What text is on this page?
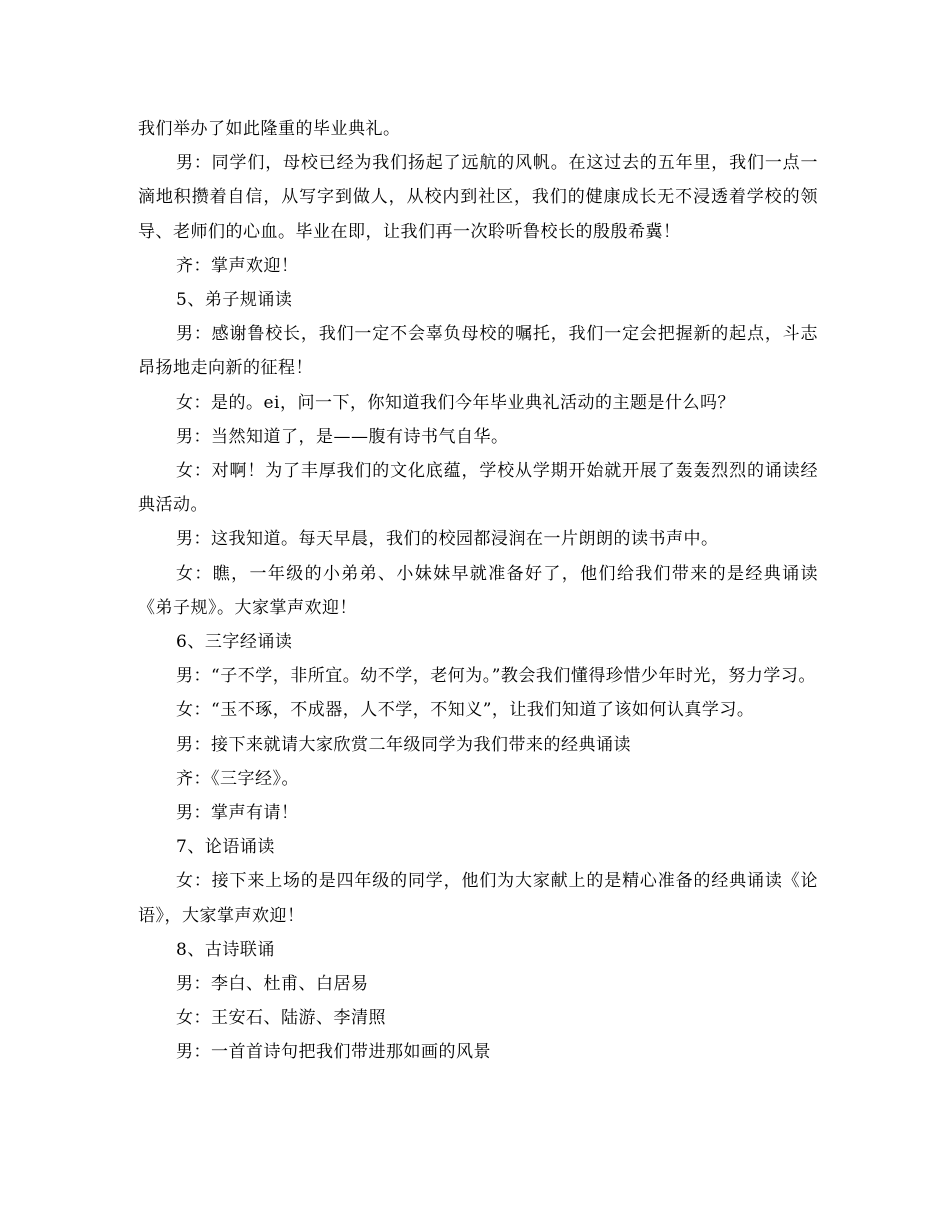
我们举办了如此隆重的毕业典礼。

男：同学们，母校已经为我们扬起了远航的风帆。在这过去的五年里，我们一点一滴地积攒着自信，从写字到做人，从校内到社区，我们的健康成长无不浸透着学校的领导、老师们的心血。毕业在即，让我们再一次聆听鲁校长的殷殷希冀！

齐：掌声欢迎！

5、弟子规诵读

男：感谢鲁校长，我们一定不会辜负母校的嘱托，我们一定会把握新的起点，斗志昂扬地走向新的征程！

女：是的。ei，问一下，你知道我们今年毕业典礼活动的主题是什么吗？

男：当然知道了，是——腹有诗书气自华。

女：对啊！为了丰厚我们的文化底蕴，学校从学期开始就开展了轰轰烈烈的诵读经典活动。

男：这我知道。每天早晨，我们的校园都浸润在一片朗朗的读书声中。

女：瞧，一年级的小弟弟、小妹妹早就准备好了，他们给我们带来的是经典诵读《弟子规》。大家掌声欢迎！

6、三字经诵读

男：“子不学，非所宜。幼不学，老何为。”教会我们懂得珍惜少年时光，努力学习。

女：“玉不琢，不成器，人不学，不知义”，让我们知道了该如何认真学习。

男：接下来就请大家欣赏二年级同学为我们带来的经典诵读

齐：《三字经》。

男：掌声有请！

7、论语诵读

女：接下来上场的是四年级的同学，他们为大家献上的是精心准备的经典诵读《论语》，大家掌声欢迎！

8、古诗联诵

男：李白、杜甫、白居易

女：王安石、陆游、李清照

男：一首首诗句把我们带进那如画的风景
